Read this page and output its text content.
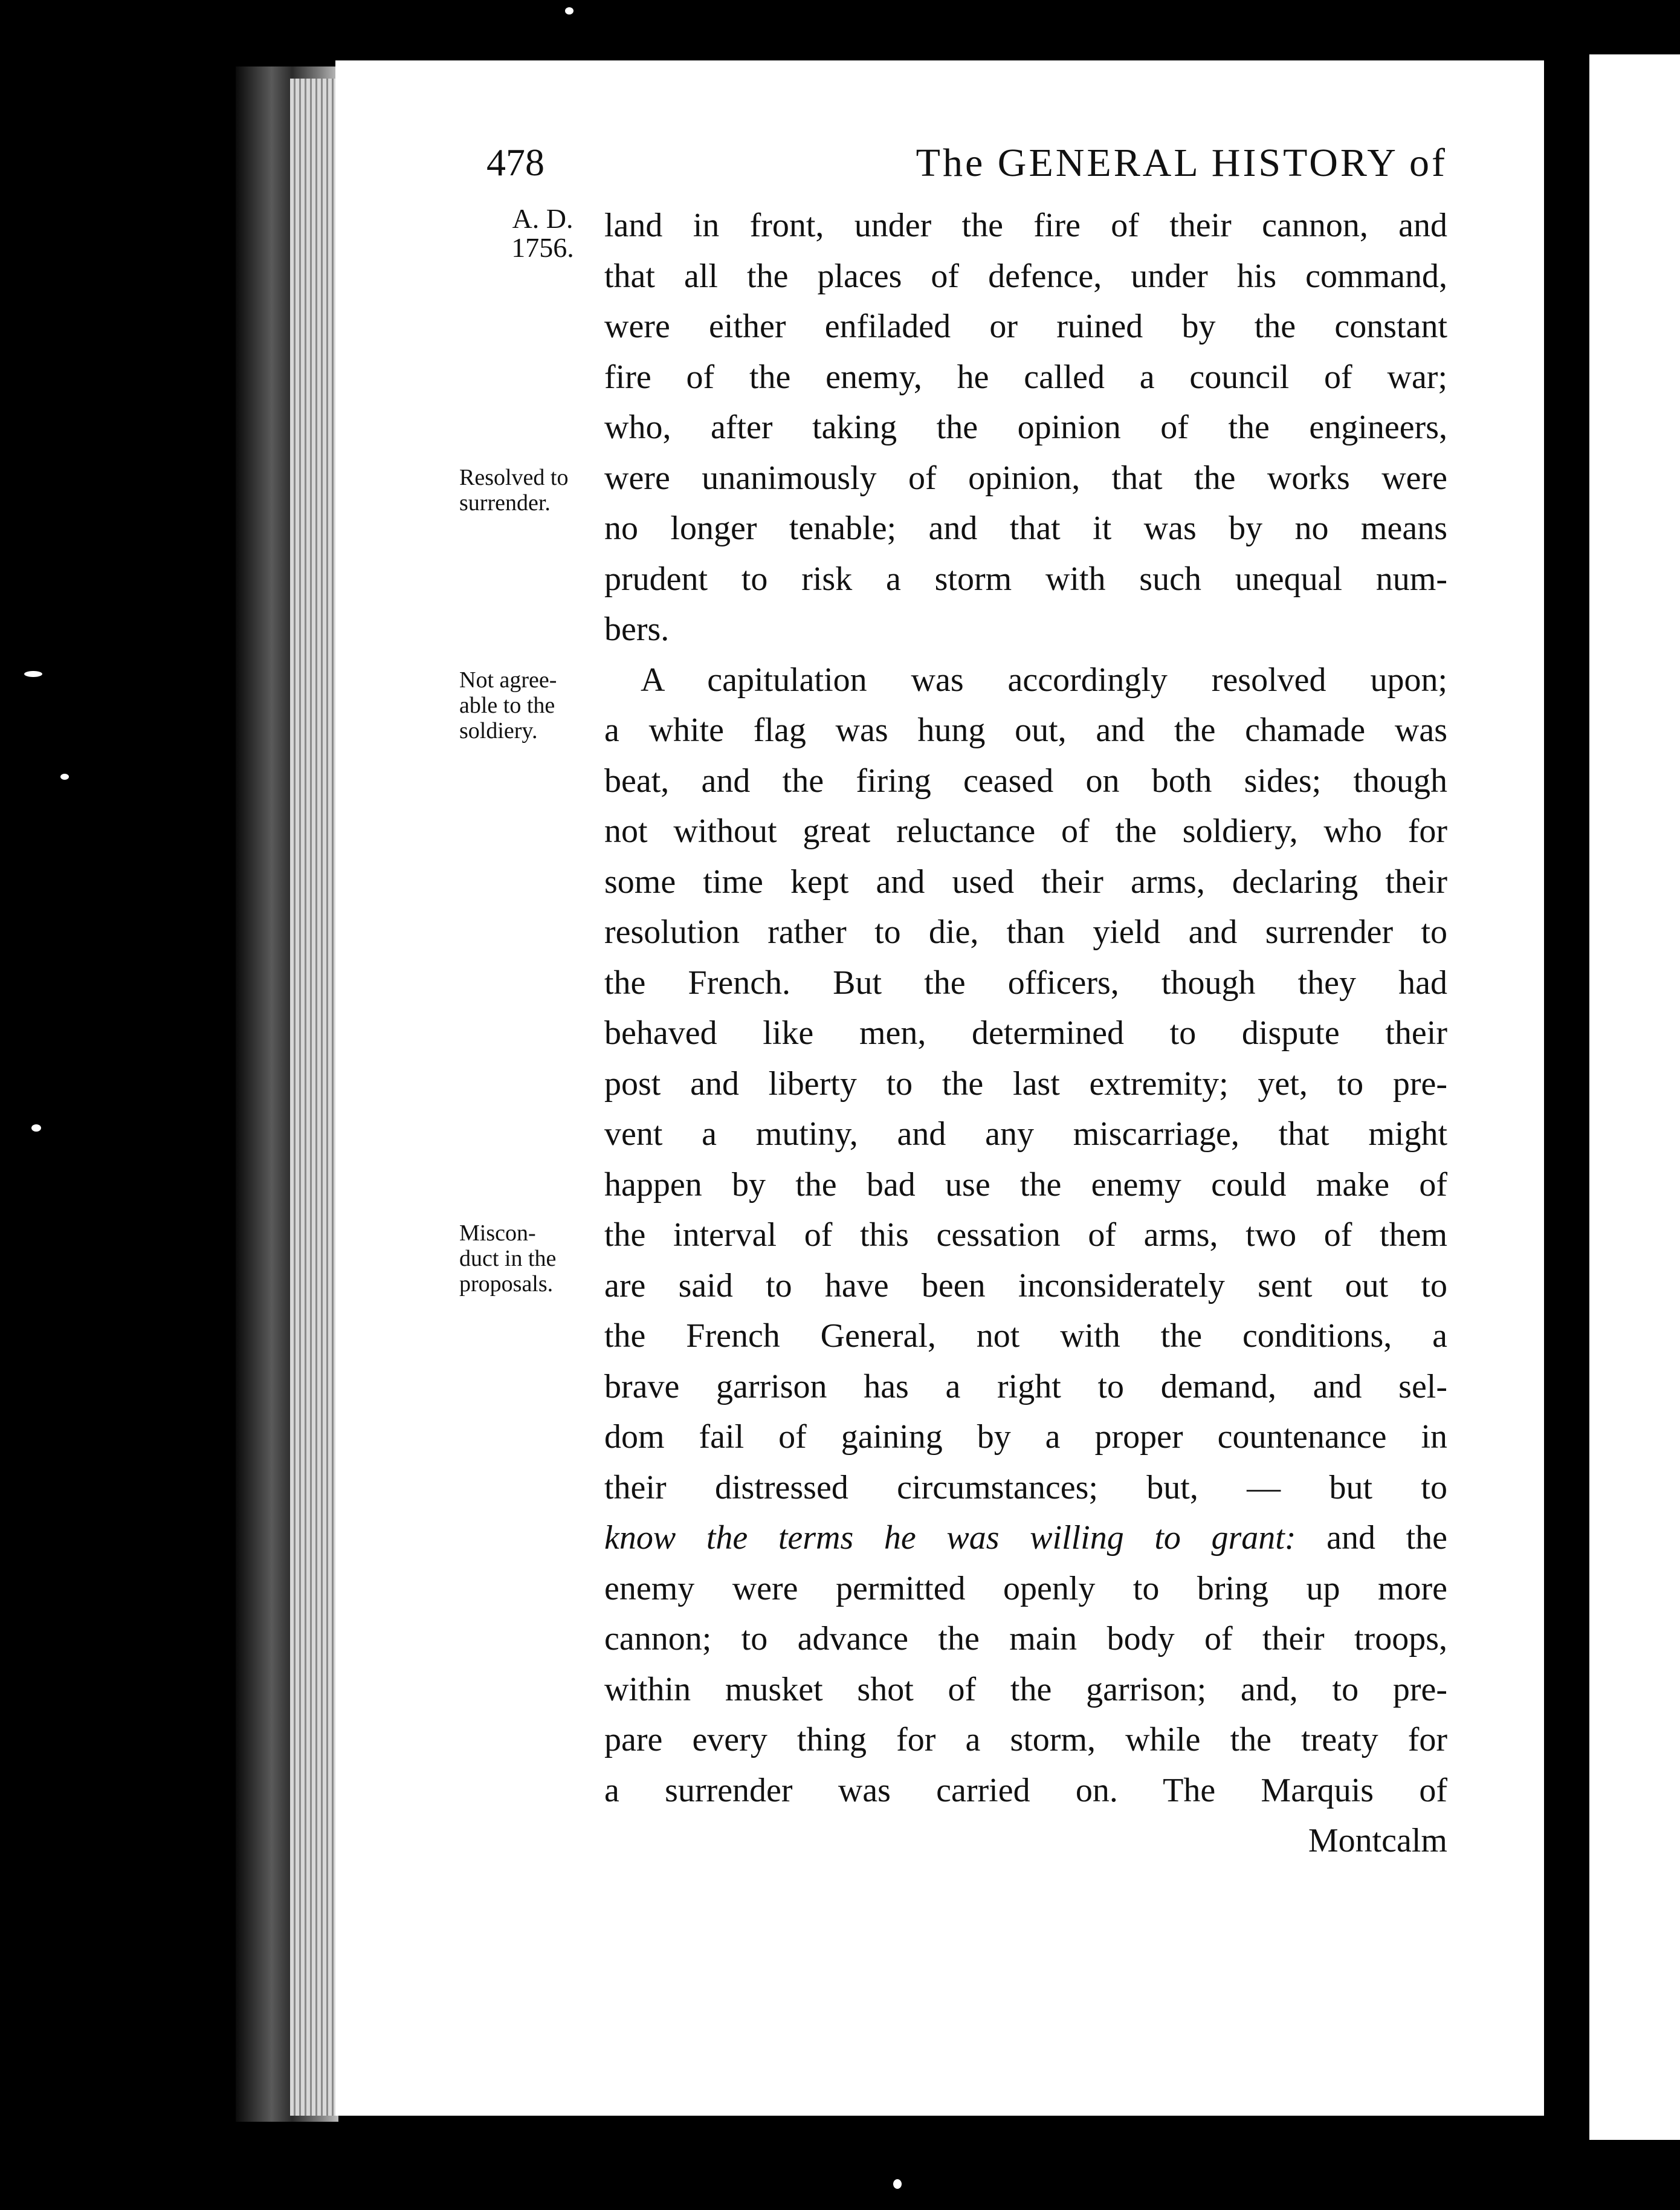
478	The GENERAL HISTORY of
A. D.
1756.
Resolved to
surrender.
Not agree-
able to the
soldiery.
Miscon-
duct in the
proposals.
land in front, under the fire of their cannon, and
that all the places of defence, under his command,
were either enfiladed or ruined by the constant
fire of the enemy, he called a council of war;
who, after taking the opinion of the engineers,
were unanimously of opinion, that the works were
no longer tenable; and that it was by no means
prudent to risk a storm with such unequal num-
bers.
A capitulation was accordingly resolved upon;
a white flag was hung out, and the chamade was
beat, and the firing ceased on both sides; though
not without great reluctance of the soldiery, who for
some time kept and used their arms, declaring their
resolution rather to die, than yield and surrender to
the French. But the officers, though they had
behaved like men, determined to dispute their
post and liberty to the last extremity; yet, to pre-
vent a mutiny, and any miscarriage, that might
happen by the bad use the enemy could make of
the interval of this cessation of arms, two of them
are said to have been inconsiderately sent out to
the French General, not with the conditions, a
brave garrison has a right to demand, and sel-
dom fail of gaining by a proper countenance in
their distressed circumstances; but, — but to
know the terms he was willing to grant: and the
enemy were permitted openly to bring up more
cannon; to advance the main body of their troops,
within musket shot of the garrison; and, to pre-
pare every thing for a storm, while the treaty for
a surrender was carried on. The Marquis of
Montcalm
